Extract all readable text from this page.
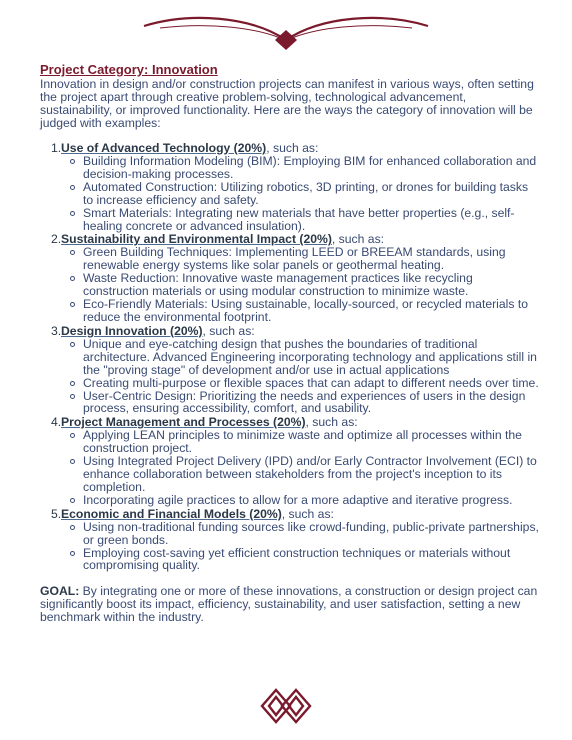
Project Category: Innovation

Innovation in design and/or construction projects can manifest in various ways, often setting the project apart through creative problem-solving, technological advancement, sustainability, or improved functionality. Here are the ways the category of innovation will be judged with examples:

1. Use of Advanced Technology (20%), such as:
Building Information Modeling (BIM): Employing BIM for enhanced collaboration and decision-making processes.
Automated Construction: Utilizing robotics, 3D printing, or drones for building tasks to increase efficiency and safety.
Smart Materials: Integrating new materials that have better properties (e.g., self-healing concrete or advanced insulation).
2. Sustainability and Environmental Impact (20%), such as:
Green Building Techniques: Implementing LEED or BREEAM standards, using renewable energy systems like solar panels or geothermal heating.
Waste Reduction: Innovative waste management practices like recycling construction materials or using modular construction to minimize waste.
Eco-Friendly Materials: Using sustainable, locally-sourced, or recycled materials to reduce the environmental footprint.
3. Design Innovation (20%), such as:
Unique and eye-catching design that pushes the boundaries of traditional architecture. Advanced Engineering incorporating technology and applications still in the "proving stage" of development and/or use in actual applications
Creating multi-purpose or flexible spaces that can adapt to different needs over time.
User-Centric Design: Prioritizing the needs and experiences of users in the design process, ensuring accessibility, comfort, and usability.
4. Project Management and Processes (20%), such as:
Applying LEAN principles to minimize waste and optimize all processes within the construction project.
Using Integrated Project Delivery (IPD) and/or Early Contractor Involvement (ECI) to enhance collaboration between stakeholders from the project's inception to its completion.
Incorporating agile practices to allow for a more adaptive and iterative progress.
5. Economic and Financial Models (20%), such as:
Using non-traditional funding sources like crowd-funding, public-private partnerships, or green bonds.
Employing cost-saving yet efficient construction techniques or materials without compromising quality.
GOAL: By integrating one or more of these innovations, a construction or design project can significantly boost its impact, efficiency, sustainability, and user satisfaction, setting a new benchmark within the industry.
